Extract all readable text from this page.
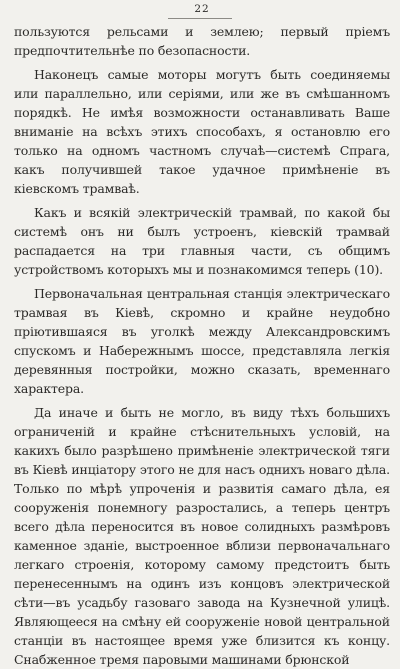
22

пользуются рельсами и землею; первый пріемъ предпочтительнѣе по безопасности.

Наконецъ самые моторы могутъ быть соединяемы или параллельно, или сеpіями, или же въ смѣшанномъ порядкѣ. Не имѣя возможности останавливать Ваше вниманіе на всѣхъ этихъ способахъ, я остановлю его только на одномъ частномъ случаѣ—системѣ Спрага, какъ получившей такое удачное примѣненіе въ кіевскомъ трамваѣ.

Какъ и всякій электрическій трамвай, по какой бы системѣ онъ ни былъ устроенъ, кіевскій трамвай распадается на три главныя части, съ общимъ устройствомъ которыхъ мы и познакомимся теперь (10).

Первоначальная центральная станція электрическаго трамвая въ Кіевѣ, скромно и крайне неудобно пріютившаяся въ уголкѣ между Александровскимъ спускомъ и Набережнымъ шоссе, представляла легкія деревянныя постройки, можно сказать, временнаго характера.

Да иначе и быть не могло, въ виду тѣхъ большихъ ограниченій и крайне стѣснительныхъ условій, на какихъ было разрѣшено примѣненіе электрической тяги въ Кіевѣ инціатору этого не для насъ однихъ новаго дѣла. Только по мѣрѣ упроченія и развитія самаго дѣла, ея сооруженія понемногу разростались, а теперь центръ всего дѣла переносится въ новое солидныхъ размѣровъ каменное зданіе, выстроенное вблизи первоначальнаго легкаго строенія, которому самому предстоитъ быть перенесеннымъ на одинъ изъ концовъ электрической сѣти—въ усадьбу газоваго завода на Кузнечной улицѣ. Являющееся на смѣну ей сооруженіе новой центральной станціи въ настоящее время уже близится къ концу. Снабженное тремя паровыми машинами брюнской
